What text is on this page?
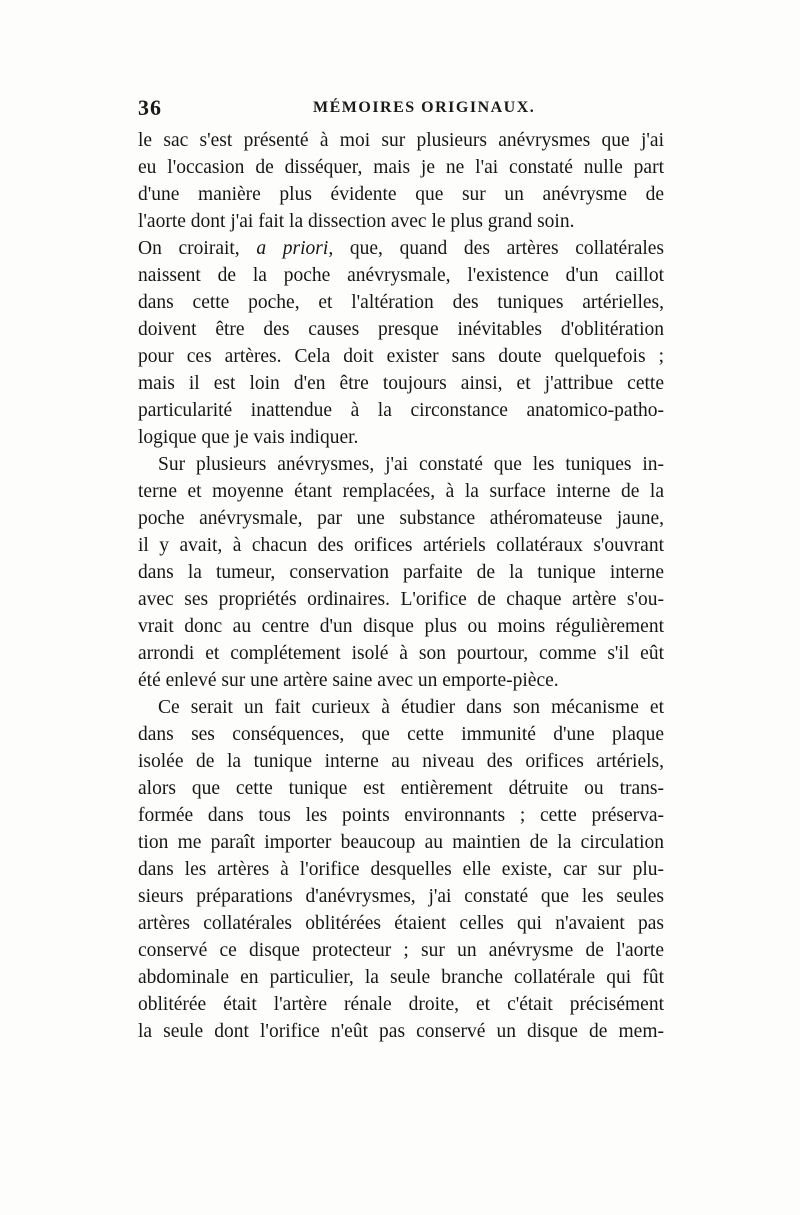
36	MÉMOIRES ORIGINAUX.
le sac s'est présenté à moi sur plusieurs anévrysmes que j'ai
eu l'occasion de disséquer, mais je ne l'ai constaté nulle part
d'une manière plus évidente que sur un anévrysme de
l'aorte dont j'ai fait la dissection avec le plus grand soin.
On croirait, a priori, que, quand des artères collatérales
naissent de la poche anévrysmale, l'existence d'un caillot
dans cette poche, et l'altération des tuniques artérielles,
doivent être des causes presque inévitables d'oblitération
pour ces artères. Cela doit exister sans doute quelquefois ;
mais il est loin d'en être toujours ainsi, et j'attribue cette
particularité inattendue à la circonstance anatomico-patho-
logique que je vais indiquer.
Sur plusieurs anévrysmes, j'ai constaté que les tuniques in-
terne et moyenne étant remplacées, à la surface interne de la
poche anévrysmale, par une substance athéromateuse jaune,
il y avait, à chacun des orifices artériels collatéraux s'ouvrant
dans la tumeur, conservation parfaite de la tunique interne
avec ses propriétés ordinaires. L'orifice de chaque artère s'ou-
vrait donc au centre d'un disque plus ou moins régulièrement
arrondi et complétement isolé à son pourtour, comme s'il eût
été enlevé sur une artère saine avec un emporte-pièce.
Ce serait un fait curieux à étudier dans son mécanisme et
dans ses conséquences, que cette immunité d'une plaque
isolée de la tunique interne au niveau des orifices artériels,
alors que cette tunique est entièrement détruite ou trans-
formée dans tous les points environnants ; cette préserva-
tion me paraît importer beaucoup au maintien de la circulation
dans les artères à l'orifice desquelles elle existe, car sur plu-
sieurs préparations d'anévrysmes, j'ai constaté que les seules
artères collatérales oblitérées étaient celles qui n'avaient pas
conservé ce disque protecteur ; sur un anévrysme de l'aorte
abdominale en particulier, la seule branche collatérale qui fût
oblitérée était l'artère rénale droite, et c'était précisément
la seule dont l'orifice n'eût pas conservé un disque de mem-
